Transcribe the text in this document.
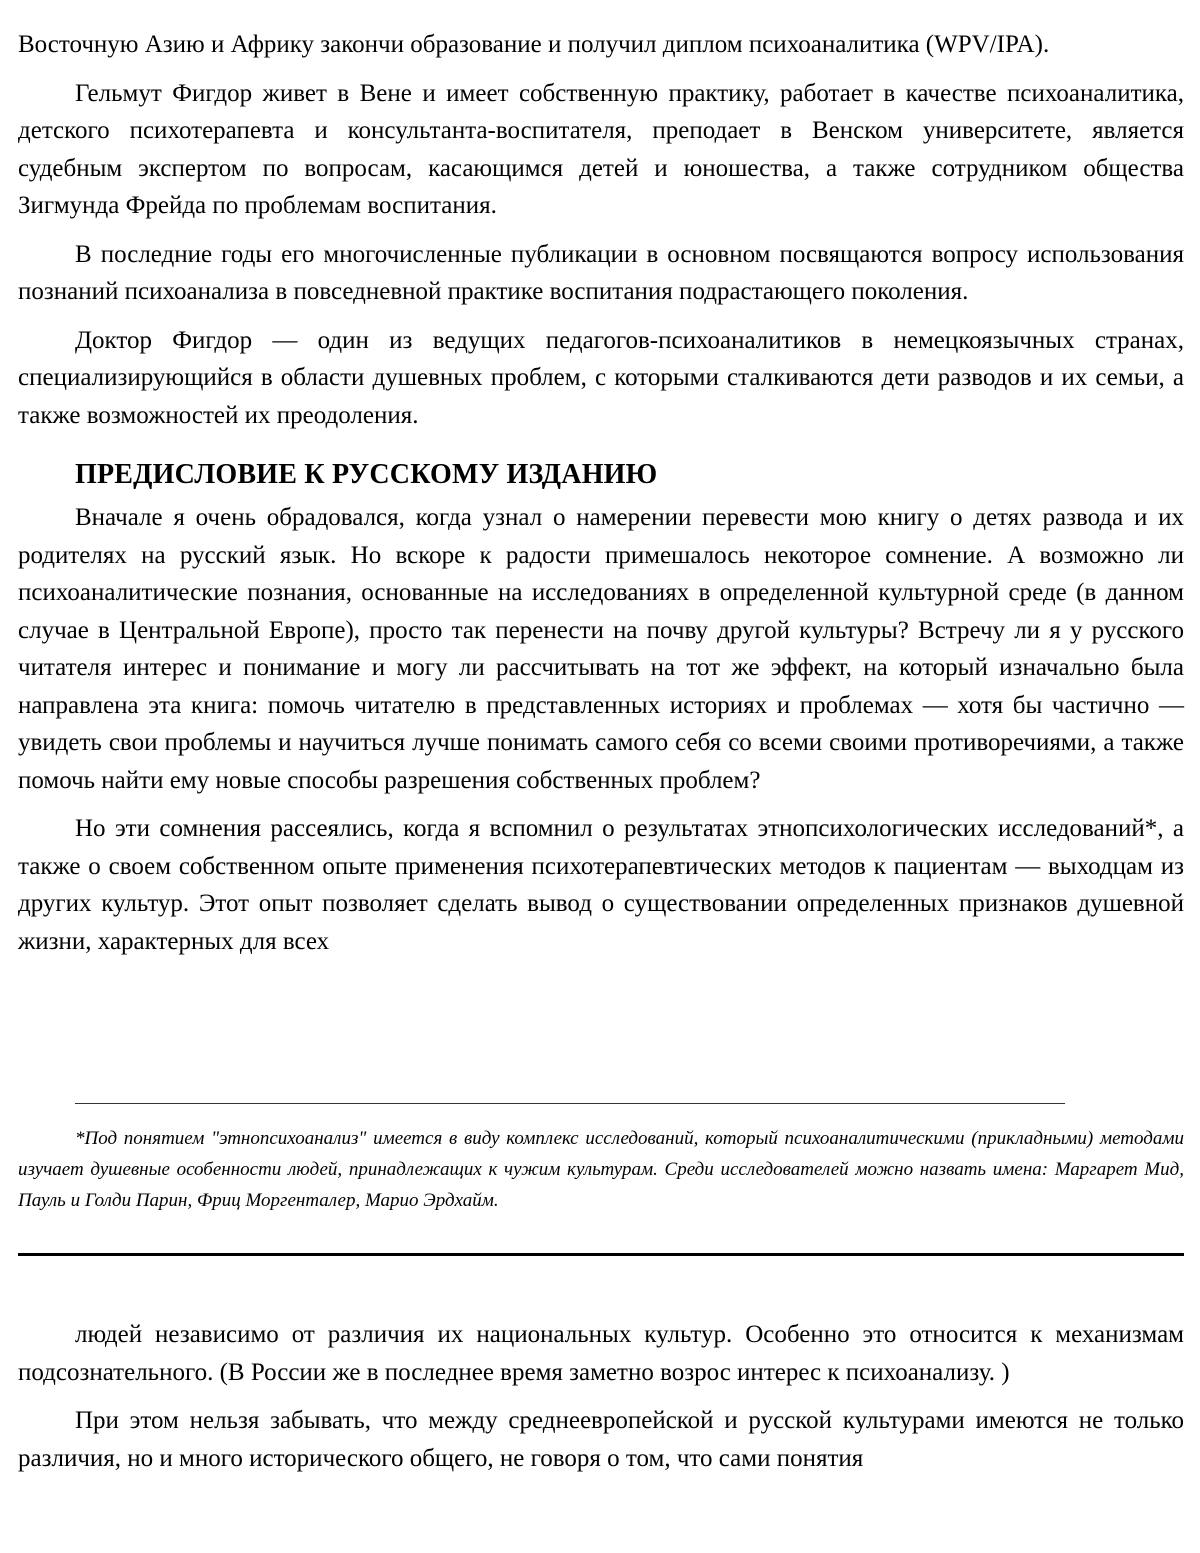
Восточную Азию и Африку закончи образование и получил диплом психоаналитика (WPV/IPA).

Гельмут Фигдор живет в Вене и имеет собственную практику, работает в качестве психоаналитика, детского психотерапевта и консультанта-воспитателя, преподает в Венском университете, является судебным экспертом по вопросам, касающимся детей и юношества, а также сотрудником общества Зигмунда Фрейда по проблемам воспитания.

В последние годы его многочисленные публикации в основном посвящаются вопросу использования познаний психоанализа в повседневной практике воспитания подрастающего поколения.

Доктор Фигдор — один из ведущих педагогов-психоаналитиков в немецкоязычных странах, специализирующийся в области душевных проблем, с которыми сталкиваются дети разводов и их семьи, а также возможностей их преодоления.

ПРЕДИСЛОВИЕ К РУССКОМУ ИЗДАНИЮ

Вначале я очень обрадовался, когда узнал о намерении перевести мою книгу о детях развода и их родителях на русский язык. Но вскоре к радости примешалось некоторое сомнение. А возможно ли психоаналитические познания, основанные на исследованиях в определенной культурной среде (в данном случае в Центральной Европе), просто так перенести на почву другой культуры? Встречу ли я у русского читателя интерес и понимание и могу ли рассчитывать на тот же эффект, на который изначально была направлена эта книга: помочь читателю в представленных историях и проблемах — хотя бы частично — увидеть свои проблемы и научиться лучше понимать самого себя со всеми своими противоречиями, а также помочь найти ему новые способы разрешения собственных проблем?

Но эти сомнения рассеялись, когда я вспомнил о результатах этнопсихологических исследований*, а также о своем собственном опыте применения психотерапевтических методов к пациентам — выходцам из других культур. Этот опыт позволяет сделать вывод о существовании определенных признаков душевной жизни, характерных для всех

*Под понятием "этнопсихоанализ" имеется в виду комплекс исследований, который психоаналитическими (прикладными) методами изучает душевные особенности людей, принадлежащих к чужим культурам. Среди исследователей можно назвать имена: Маргарет Мид, Пауль и Голди Парин, Фриц Моргенталер, Марио Эрдхайм.

людей независимо от различия их национальных культур. Особенно это относится к механизмам подсознательного. (В России же в последнее время заметно возрос интерес к психоанализу. )

При этом нельзя забывать, что между среднеевропейской и русской культурами имеются не только различия, но и много исторического общего, не говоря о том, что сами понятия
